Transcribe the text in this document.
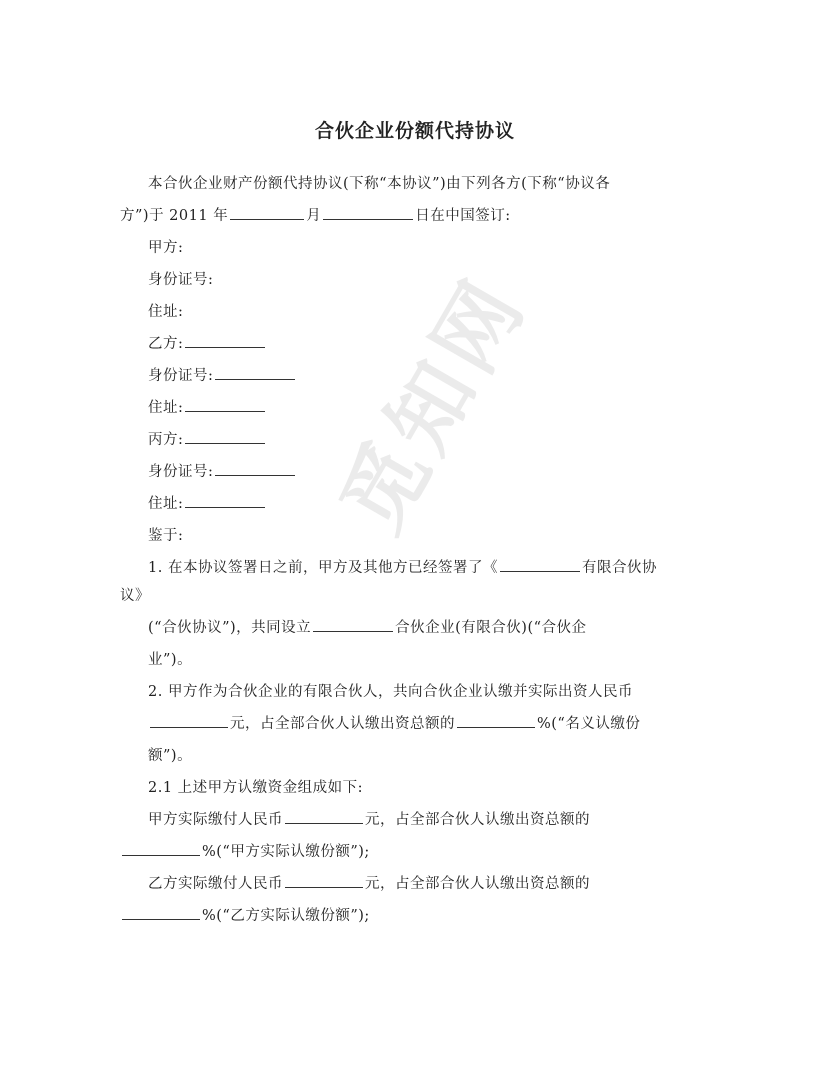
觅知网
合伙企业份额代持协议
本合伙企业财产份额代持协议(下称“本协议”)由下列各方(下称“协议各
方”)于 2011 年	月	日在中国签订:
甲方:
身份证号:
住址:
乙方:
身份证号:
住址:
丙方:
身份证号:
住址:
鉴于:
1. 在本协议签署日之前，甲方及其他方已经签署了《	有限合伙协
议》
(“合伙协议”)，共同设立	合伙企业(有限合伙)(“合伙企
业”)。
2. 甲方作为合伙企业的有限合伙人，共向合伙企业认缴并实际出资人民币
元，占全部合伙人认缴出资总额的	%(“名义认缴份
额”)。
2.1 上述甲方认缴资金组成如下:
甲方实际缴付人民币	元，占全部合伙人认缴出资总额的
%(“甲方实际认缴份额”);
乙方实际缴付人民币	元，占全部合伙人认缴出资总额的
%(“乙方实际认缴份额”);
